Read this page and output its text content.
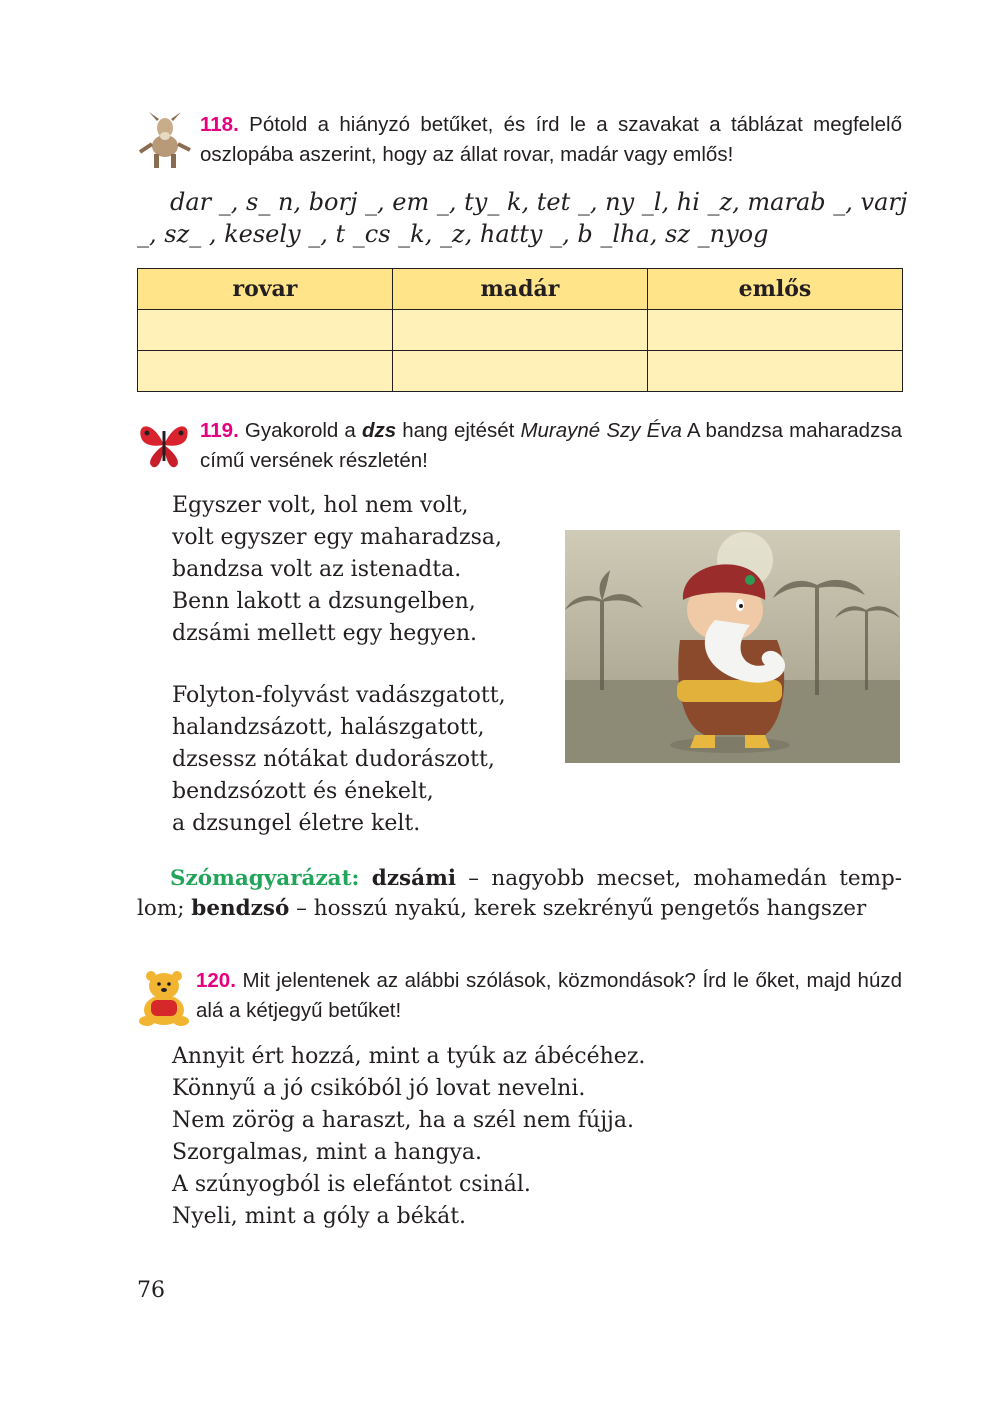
118. Pótold a hiányzó betűket, és írd le a szavakat a táblázat megfelelő oszlopába aszerint, hogy az állat rovar, madár vagy emlős!
dar _, s_ n, borj _, em _, ty_ k, tet _, ny _l, hi _z, marab _, varj
_, sz_ , kesely _, t _cs _k, _z, hatty _, b _lha, sz _nyog
rovar	madár	emlős

119. Gyakorold a dzs hang ejtését Murayné Szy Éva A bandzsa maharadzsa című versének részletén!
Egyszer volt, hol nem volt,
volt egyszer egy maharadzsa,
bandzsa volt az istenadta.
Benn lakott a dzsungelben,
dzsámi mellett egy hegyen.
Folyton-folyvást vadászgatott,
halandzsázott, halászgatott,
dzsessz nótákat dudorászott,
bendzsózott és énekelt,
a dzsungel életre kelt.
Szómagyarázat: dzsámi – nagyobb mecset, mohamedán temp-
lom; bendzsó – hosszú nyakú, kerek szekrényű pengetős hangszer
120. Mit jelentenek az alábbi szólások, közmondások? Írd le őket, majd húzd alá a kétjegyű betűket!
Annyit ért hozzá, mint a tyúk az ábécéhez.
Könnyű a jó csikóból jó lovat nevelni.
Nem zörög a haraszt, ha a szél nem fújja.
Szorgalmas, mint a hangya.
A szúnyogból is elefántot csinál.
Nyeli, mint a góly a békát.
76
